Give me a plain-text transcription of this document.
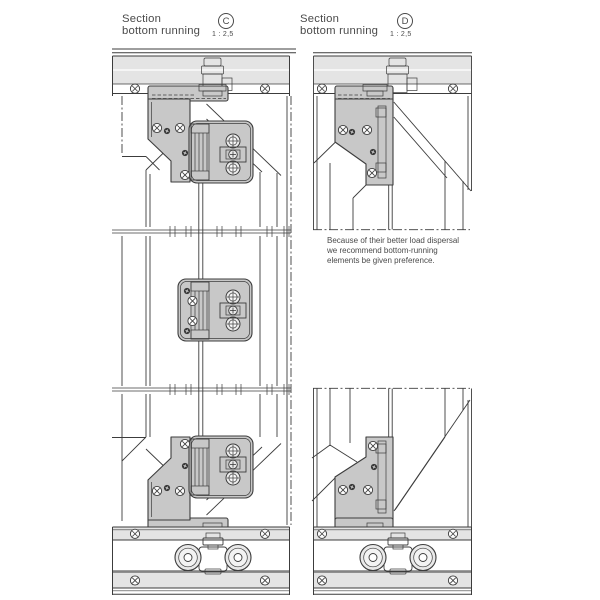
Section
bottom running
C
1 : 2,5
Section
bottom running
D
1 : 2,5
Because of their better load dispersal
we recommend bottom-running
elements be given preference.
